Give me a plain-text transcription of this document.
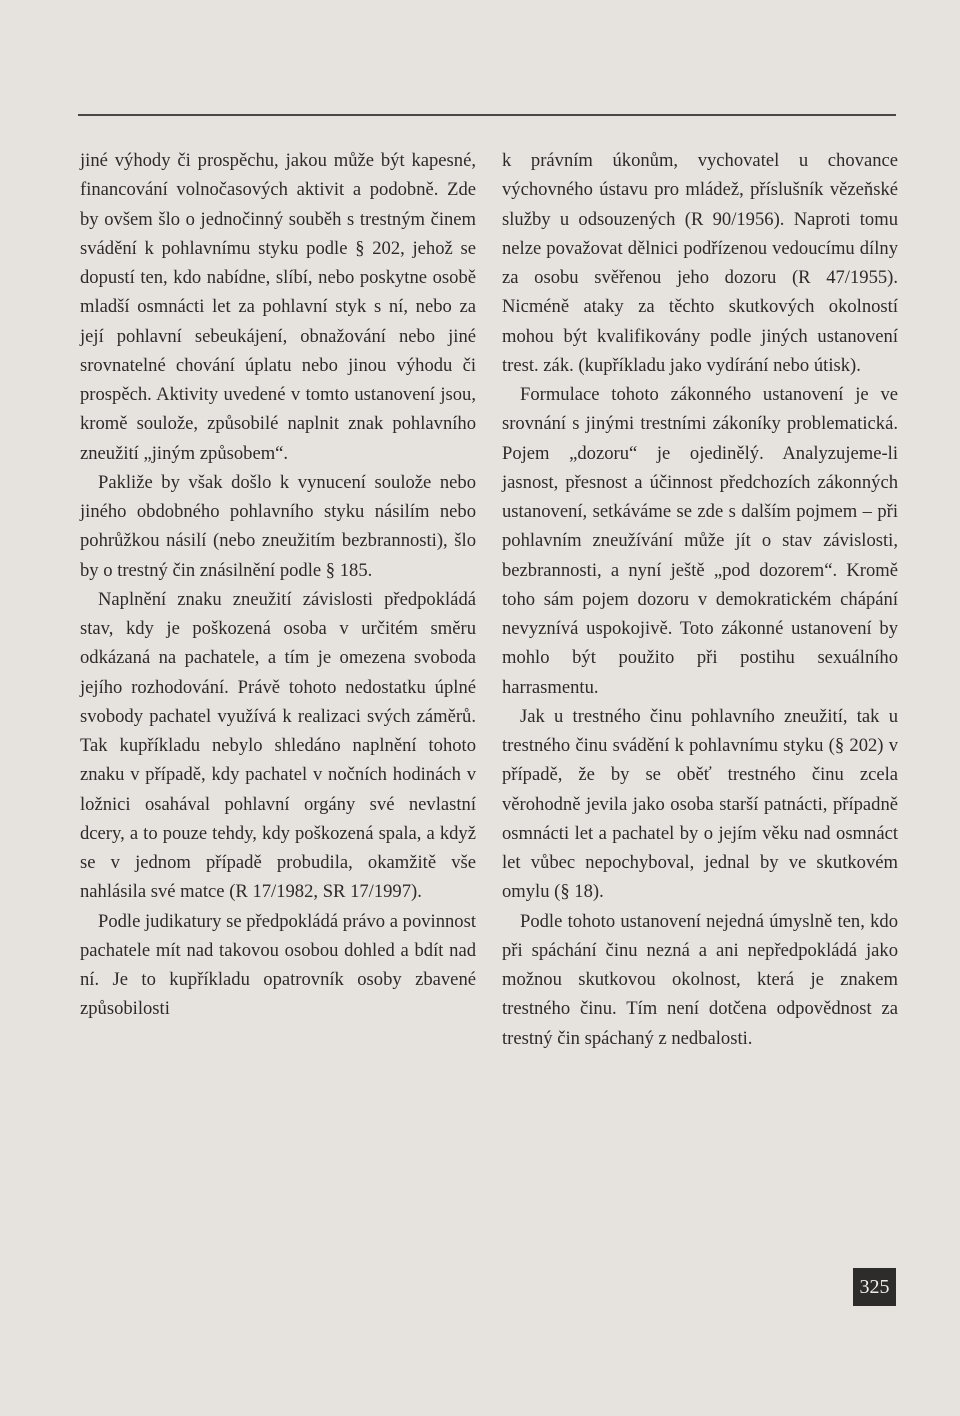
jiné výhody či prospěchu, jakou může být kapesné, financování volnočasových aktivit a podobně. Zde by ovšem šlo o jednočinný souběh s trestným činem svádění k pohlavnímu styku podle § 202, jehož se dopustí ten, kdo nabídne, slíbí, nebo poskytne osobě mladší osmnácti let za pohlavní styk s ní, nebo za její pohlavní sebeukájení, obnažování nebo jiné srovnatelné chování úplatu nebo jinou výhodu či prospěch. Aktivity uvedené v tomto ustanovení jsou, kromě soulože, způsobilé naplnit znak pohlavního zneužití „jiným způsobem“.

Pakliže by však došlo k vynucení soulože nebo jiného obdobného pohlavního styku násilím nebo pohrůžkou násilí (nebo zneužitím bezbrannosti), šlo by o trestný čin znásilnění podle § 185.

Naplnění znaku zneužití závislosti předpokládá stav, kdy je poškozená osoba v určitém směru odkázaná na pachatele, a tím je omezena svoboda jejího rozhodování. Právě tohoto nedostatku úplné svobody pachatel využívá k realizaci svých záměrů. Tak kupříkladu nebylo shledáno naplnění tohoto znaku v případě, kdy pachatel v nočních hodinách v ložnici osahával pohlavní orgány své nevlastní dcery, a to pouze tehdy, kdy poškozená spala, a když se v jednom případě probudila, okamžitě vše nahlásila své matce (R 17/1982, SR 17/1997).

Podle judikatury se předpokládá právo a povinnost pachatele mít nad takovou osobou dohled a bdít nad ní. Je to kupříkladu opatrovník osoby zbavené způsobilosti

k právním úkonům, vychovatel u chovance výchovného ústavu pro mládež, příslušník vězeňské služby u odsouzených (R 90/1956). Naproti tomu nelze považovat dělnici podřízenou vedoucímu dílny za osobu svěřenou jeho dozoru (R 47/1955). Nicméně ataky za těchto skutkových okolností mohou být kvalifikovány podle jiných ustanovení trest. zák. (kupříkladu jako vydírání nebo útisk).

Formulace tohoto zákonného ustanovení je ve srovnání s jinými trestními zákoníky problematická. Pojem „dozoru“ je ojedinělý. Analyzujeme-li jasnost, přesnost a účinnost předchozích zákonných ustanovení, setkáváme se zde s dalším pojmem – při pohlavním zneužívání může jít o stav závislosti, bezbrannosti, a nyní ještě „pod dozorem“. Kromě toho sám pojem dozoru v demokratickém chápání nevyznívá uspokojivě. Toto zákonné ustanovení by mohlo být použito při postihu sexuálního harrasmentu.

Jak u trestného činu pohlavního zneužití, tak u trestného činu svádění k pohlavnímu styku (§ 202) v případě, že by se oběť trestného činu zcela věrohodně jevila jako osoba starší patnácti, případně osmnácti let a pachatel by o jejím věku nad osmnáct let vůbec nepochyboval, jednal by ve skutkovém omylu (§ 18).

Podle tohoto ustanovení nejedná úmyslně ten, kdo při spáchání činu nezná a ani nepředpokládá jako možnou skutkovou okolnost, která je znakem trestného činu. Tím není dotčena odpovědnost za trestný čin spáchaný z nedbalosti.

325
